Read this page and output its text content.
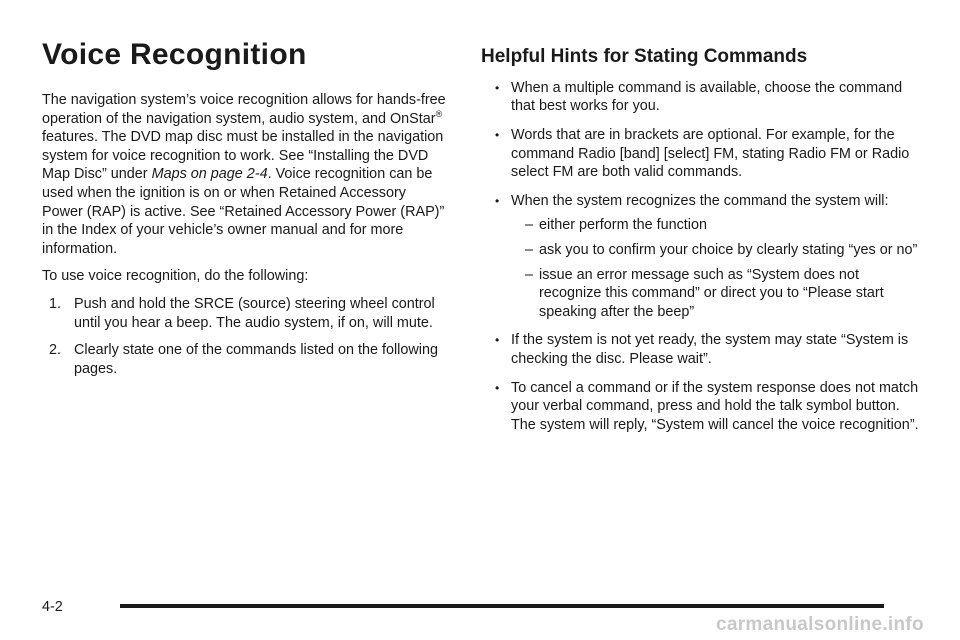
Voice Recognition

The navigation system’s voice recognition allows for hands-free operation of the navigation system, audio system, and OnStar® features. The DVD map disc must be installed in the navigation system for voice recognition to work. See “Installing the DVD Map Disc” under Maps on page 2-4. Voice recognition can be used when the ignition is on or when Retained Accessory Power (RAP) is active. See “Retained Accessory Power (RAP)” in the Index of your vehicle’s owner manual and for more information.

To use voice recognition, do the following:

1. Push and hold the SRCE (source) steering wheel control until you hear a beep. The audio system, if on, will mute.
2. Clearly state one of the commands listed on the following pages.
Helpful Hints for Stating Commands
• When a multiple command is available, choose the command that best works for you.
• Words that are in brackets are optional. For example, for the command Radio [band] [select] FM, stating Radio FM or Radio select FM are both valid commands.
• When the system recognizes the command the system will:
– either perform the function
– ask you to confirm your choice by clearly stating “yes or no”
– issue an error message such as “System does not recognize this command” or direct you to “Please start speaking after the beep”
• If the system is not yet ready, the system may state “System is checking the disc. Please wait”.
• To cancel a command or if the system response does not match your verbal command, press and hold the talk symbol button. The system will reply, “System will cancel the voice recognition”.
4-2
carmanualsonline.info
